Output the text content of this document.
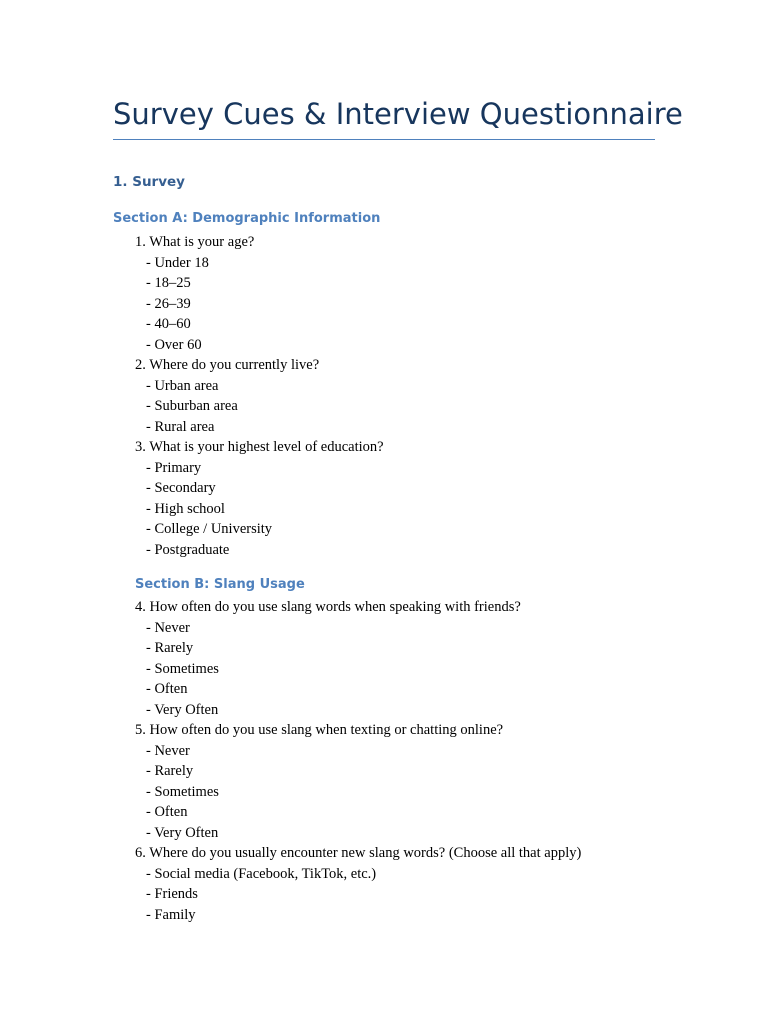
Survey Cues & Interview Questionnaire
1. Survey
Section A: Demographic Information
1. What is your age?
- Under 18
- 18–25
- 26–39
- 40–60
- Over 60
2. Where do you currently live?
- Urban area
- Suburban area
- Rural area
3. What is your highest level of education?
- Primary
- Secondary
- High school
- College / University
- Postgraduate
Section B: Slang Usage
4. How often do you use slang words when speaking with friends?
- Never
- Rarely
- Sometimes
- Often
- Very Often
5. How often do you use slang when texting or chatting online?
- Never
- Rarely
- Sometimes
- Often
- Very Often
6. Where do you usually encounter new slang words? (Choose all that apply)
- Social media (Facebook, TikTok, etc.)
- Friends
- Family
